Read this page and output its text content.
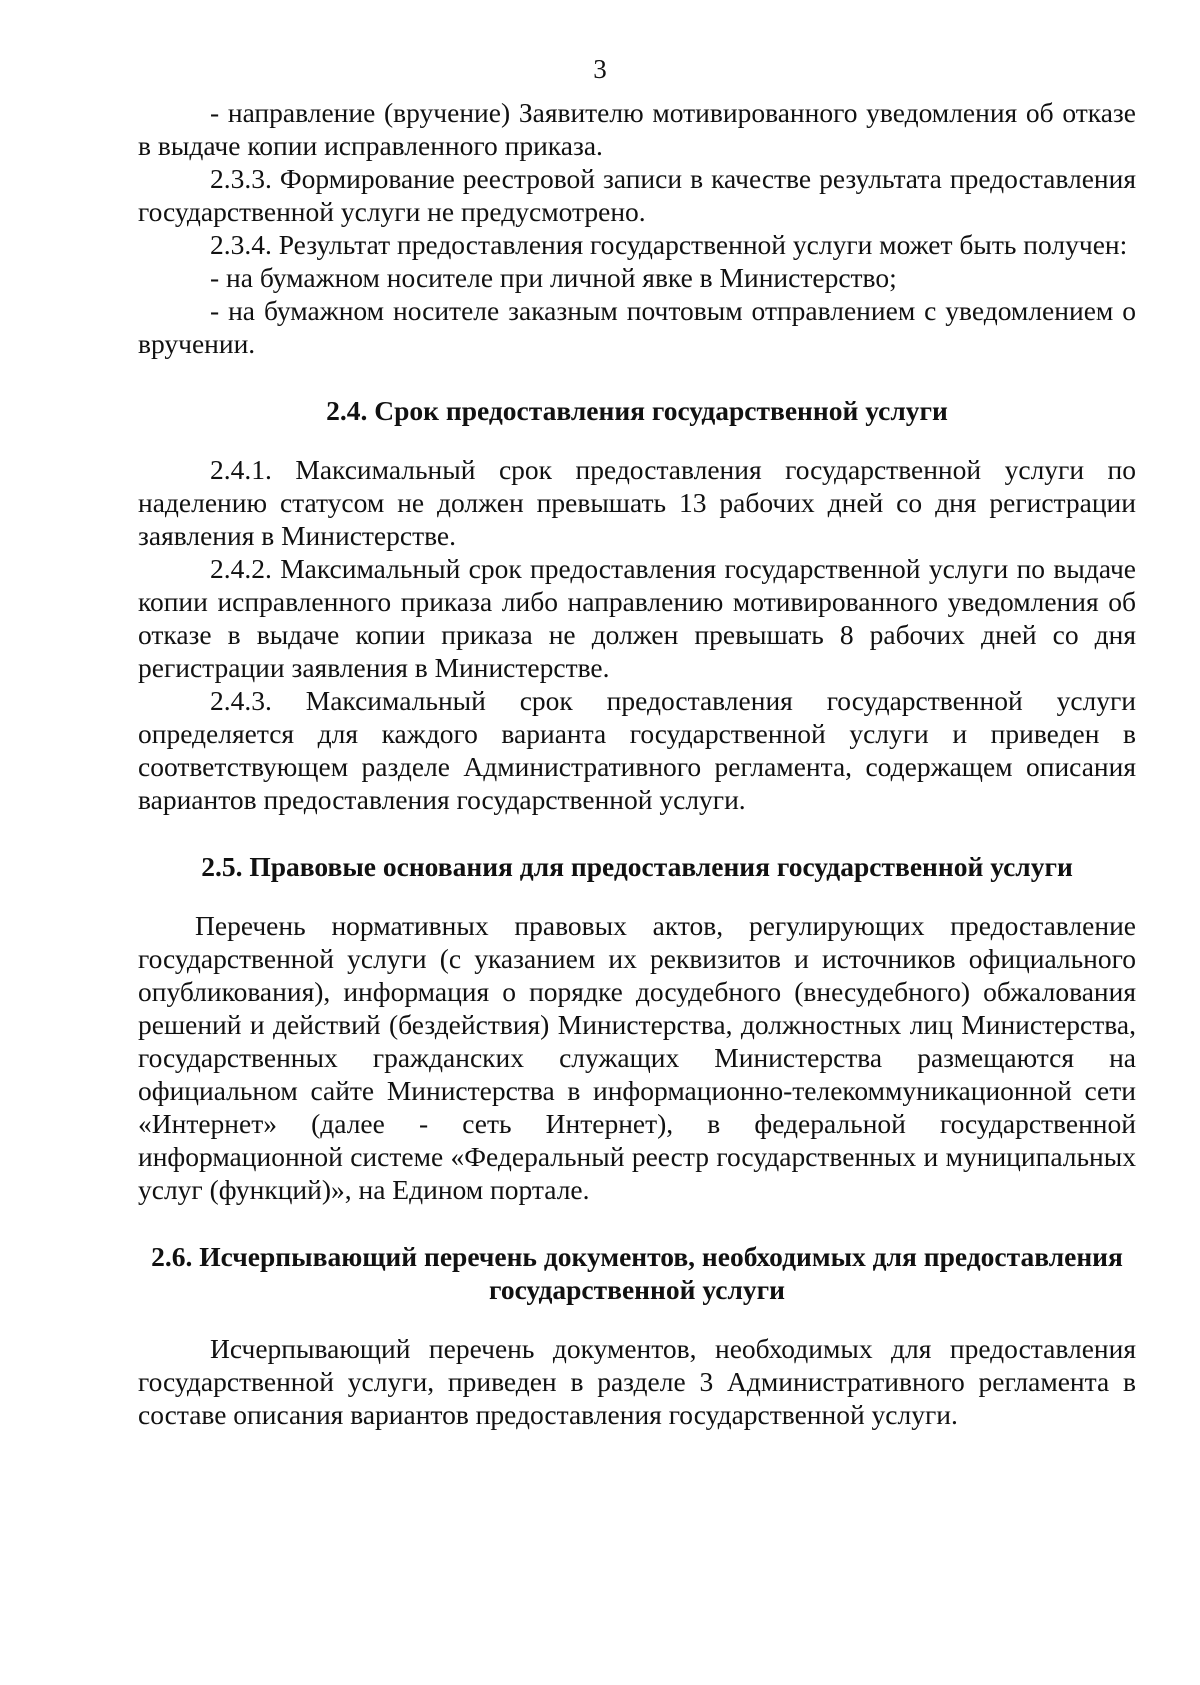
3

- направление (вручение) Заявителю мотивированного уведомления об отказе в выдаче копии исправленного приказа.

2.3.3. Формирование реестровой записи в качестве результата предоставления государственной услуги не предусмотрено.

2.3.4. Результат предоставления государственной услуги может быть получен:

- на бумажном носителе при личной явке в Министерство;

- на бумажном носителе заказным почтовым отправлением с уведомлением о вручении.

2.4. Срок предоставления государственной услуги

2.4.1. Максимальный срок предоставления государственной услуги по наделению статусом не должен превышать 13 рабочих дней со дня регистрации заявления в Министерстве.

2.4.2. Максимальный срок предоставления государственной услуги по выдаче копии исправленного приказа либо направлению мотивированного уведомления об отказе в выдаче копии приказа не должен превышать 8 рабочих дней со дня регистрации заявления в Министерстве.

2.4.3. Максимальный срок предоставления государственной услуги определяется для каждого варианта государственной услуги и приведен в соответствующем разделе Административного регламента, содержащем описания вариантов предоставления государственной услуги.

2.5. Правовые основания для предоставления государственной услуги

Перечень нормативных правовых актов, регулирующих предоставление государственной услуги (с указанием их реквизитов и источников официального опубликования), информация о порядке досудебного (внесудебного) обжалования решений и действий (бездействия) Министерства, должностных лиц Министерства, государственных гражданских служащих Министерства размещаются на официальном сайте Министерства в информационно-телекоммуникационной сети «Интернет» (далее - сеть Интернет), в федеральной государственной информационной системе «Федеральный реестр государственных и муниципальных услуг (функций)», на Едином портале.

2.6. Исчерпывающий перечень документов, необходимых для предоставления государственной услуги

Исчерпывающий перечень документов, необходимых для предоставления государственной услуги, приведен в разделе 3 Административного регламента в составе описания вариантов предоставления государственной услуги.
